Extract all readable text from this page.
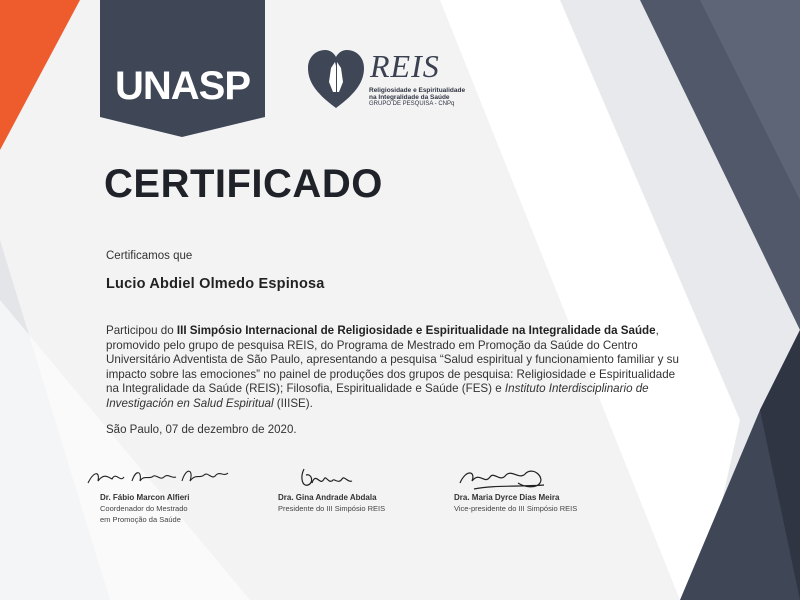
UNASP	REIS
Religiosidade e Espiritualidade
na Integralidade da Saúde
GRUPO DE PESQUISA - CNPq
CERTIFICADO
Certificamos que
Lucio Abdiel Olmedo Espinosa
Participou do III Simpósio Internacional de Religiosidade e Espiritualidade na Integralidade da Saúde, promovido pelo grupo de pesquisa REIS, do Programa de Mestrado em Promoção da Saúde do Centro Universitário Adventista de São Paulo, apresentando a pesquisa “Salud espiritual y funcionamiento familiar y su impacto sobre las emociones” no painel de produções dos grupos de pesquisa: Religiosidade e Espiritualidade na Integralidade da Saúde (REIS); Filosofia, Espiritualidade e Saúde (FES) e Instituto Interdisciplinario de Investigación en Salud Espiritual (IIISE).
São Paulo, 07 de dezembro de 2020.
Dr. Fábio Marcon Alfieri
Coordenador do Mestrado
em Promoção da Saúde
Dra. Gina Andrade Abdala
Presidente do III Simpósio REIS
Dra. Maria Dyrce Dias Meira
Vice-presidente do III Simpósio REIS
